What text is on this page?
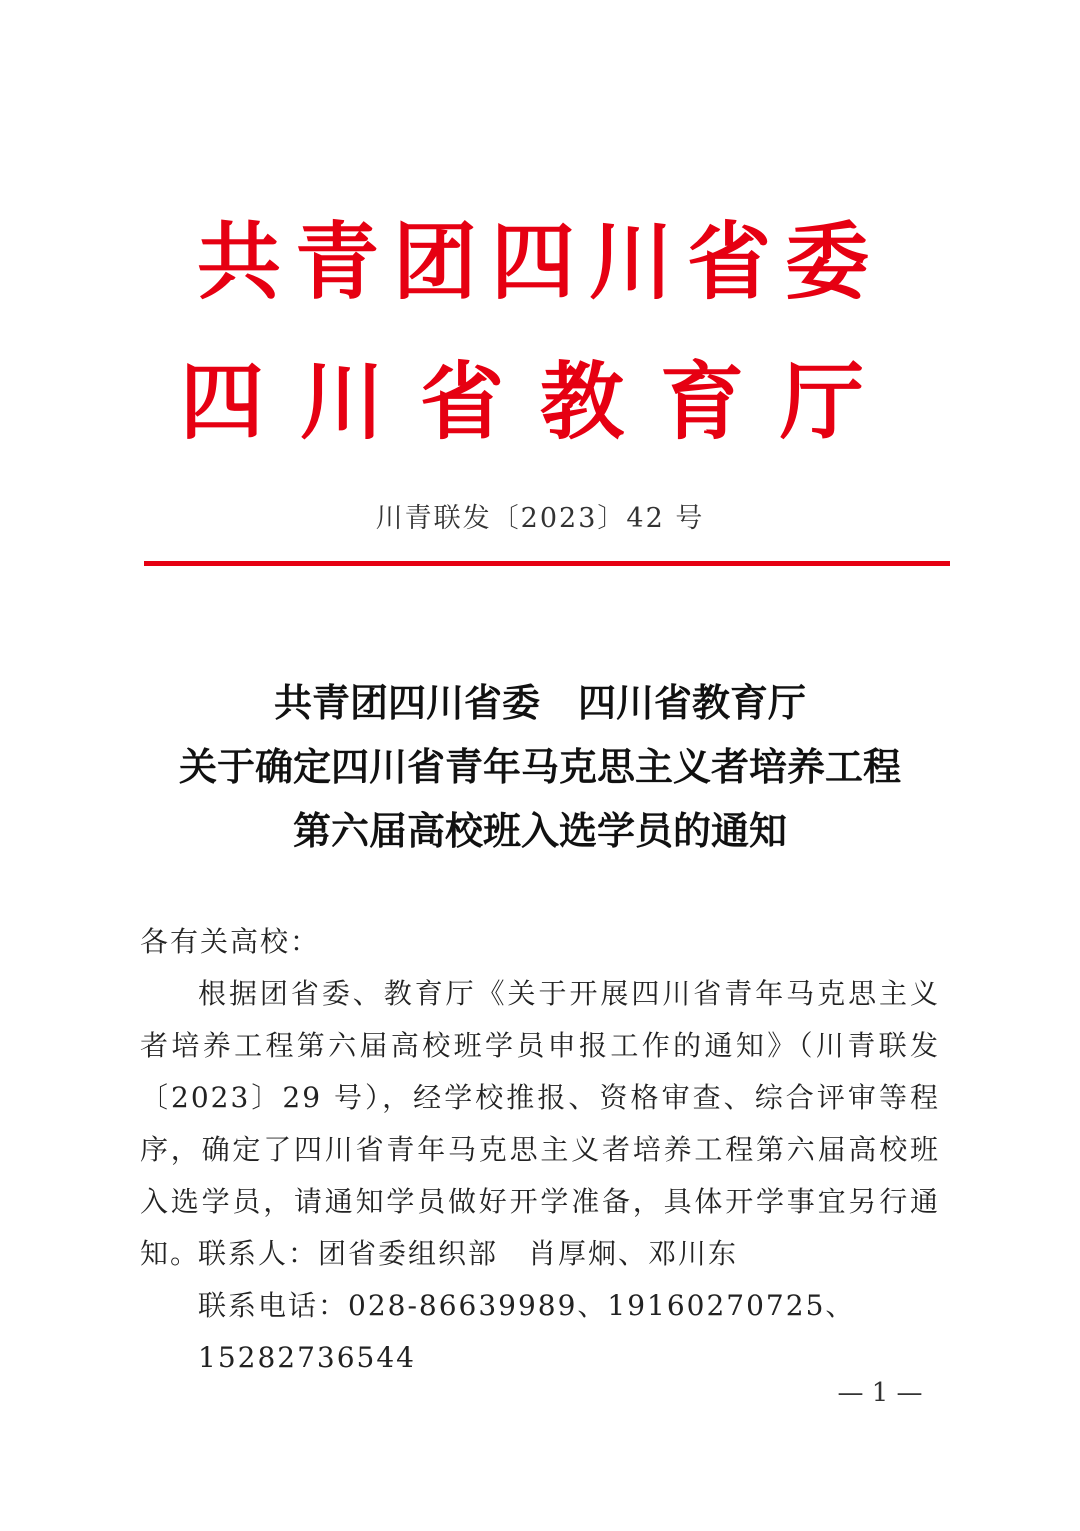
共青团四川省委
四川省教育厅
川青联发〔2023〕42 号
共青团四川省委　四川省教育厅
关于确定四川省青年马克思主义者培养工程
第六届高校班入选学员的通知
各有关高校：
根据团省委、教育厅《关于开展四川省青年马克思主义者培养工程第六届高校班学员申报工作的通知》（川青联发〔2023〕29 号），经学校推报、资格审查、综合评审等程序，确定了四川省青年马克思主义者培养工程第六届高校班入选学员，请通知学员做好开学准备，具体开学事宜另行通知。
联系人：团省委组织部　肖厚炯、邓川东
联系电话：028-86639989、19160270725、15282736544
— 1 —
